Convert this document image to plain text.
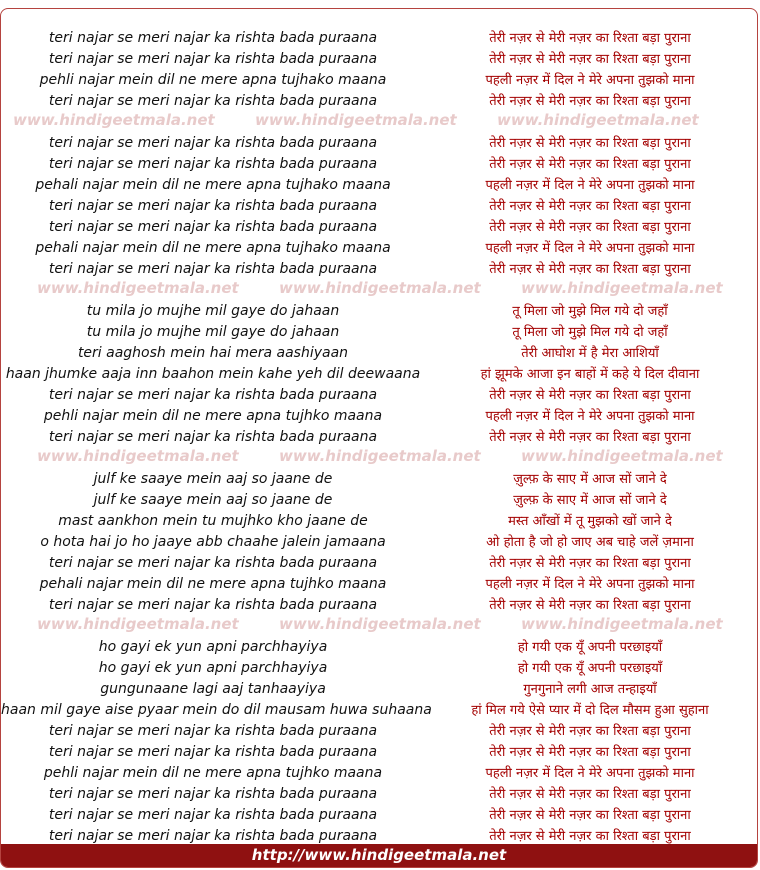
teri najar se meri najar ka rishta bada puraana	तेरी नज़र से मेरी नज़र का रिश्ता बड़ा पुराना
teri najar se meri najar ka rishta bada puraana	तेरी नज़र से मेरी नज़र का रिश्ता बड़ा पुराना
pehli najar mein dil ne mere apna tujhako maana	पहली नज़र में दिल ने मेरे अपना तुझको माना
teri najar se meri najar ka rishta bada puraana	तेरी नज़र से मेरी नज़र का रिश्ता बड़ा पुराना
teri najar se meri najar ka rishta bada puraana	तेरी नज़र से मेरी नज़र का रिश्ता बड़ा पुराना
teri najar se meri najar ka rishta bada puraana	तेरी नज़र से मेरी नज़र का रिश्ता बड़ा पुराना
pehali najar mein dil ne mere apna tujhako maana	पहली नज़र में दिल ने मेरे अपना तुझको माना
teri najar se meri najar ka rishta bada puraana	तेरी नज़र से मेरी नज़र का रिश्ता बड़ा पुराना
teri najar se meri najar ka rishta bada puraana	तेरी नज़र से मेरी नज़र का रिश्ता बड़ा पुराना
pehali najar mein dil ne mere apna tujhako maana	पहली नज़र में दिल ने मेरे अपना तुझको माना
teri najar se meri najar ka rishta bada puraana	तेरी नज़र से मेरी नज़र का रिश्ता बड़ा पुराना
tu mila jo mujhe mil gaye do jahaan	तू मिला जो मुझे मिल गये दो जहाँ
tu mila jo mujhe mil gaye do jahaan	तू मिला जो मुझे मिल गये दो जहाँ
teri aaghosh mein hai mera aashiyaan	तेरी आघोश में है मेरा आशियाँ
haan jhumke aaja inn baahon mein kahe yeh dil deewaana	हां झूमके आजा इन बाहों में कहे ये दिल दीवाना
teri najar se meri najar ka rishta bada puraana	तेरी नज़र से मेरी नज़र का रिश्ता बड़ा पुराना
pehli najar mein dil ne mere apna tujhko maana	पहली नज़र में दिल ने मेरे अपना तुझको माना
teri najar se meri najar ka rishta bada puraana	तेरी नज़र से मेरी नज़र का रिश्ता बड़ा पुराना
julf ke saaye mein aaj so jaane de	ज़ुल्फ़ के साए में आज सों जाने दे
julf ke saaye mein aaj so jaane de	ज़ुल्फ़ के साए में आज सों जाने दे
mast aankhon mein tu mujhko kho jaane de	मस्त आँखों में तू मुझको खों जाने दे
o hota hai jo ho jaaye abb chaahe jalein jamaana	ओ होता है जो हो जाए अब चाहे जलें ज़माना
teri najar se meri najar ka rishta bada puraana	तेरी नज़र से मेरी नज़र का रिश्ता बड़ा पुराना
pehali najar mein dil ne mere apna tujhko maana	पहली नज़र में दिल ने मेरे अपना तुझको माना
teri najar se meri najar ka rishta bada puraana	तेरी नज़र से मेरी नज़र का रिश्ता बड़ा पुराना
ho gayi ek yun apni parchhayiya	हो गयी एक यूँ अपनी परछाइयाँ
ho gayi ek yun apni parchhayiya	हो गयी एक यूँ अपनी परछाइयाँ
gungunaane lagi aaj tanhaayiya	गुनगुनाने लगी आज तन्हाइयाँ
haan mil gaye aise pyaar mein do dil mausam huwa suhaana	हां मिल गये ऐसे प्यार में दो दिल मौसम हुआ सुहाना
teri najar se meri najar ka rishta bada puraana	तेरी नज़र से मेरी नज़र का रिश्ता बड़ा पुराना
teri najar se meri najar ka rishta bada puraana	तेरी नज़र से मेरी नज़र का रिश्ता बड़ा पुराना
pehli najar mein dil ne mere apna tujhko maana	पहली नज़र में दिल ने मेरे अपना तुझको माना
teri najar se meri najar ka rishta bada puraana	तेरी नज़र से मेरी नज़र का रिश्ता बड़ा पुराना
teri najar se meri najar ka rishta bada puraana	तेरी नज़र से मेरी नज़र का रिश्ता बड़ा पुराना
teri najar se meri najar ka rishta bada puraana	तेरी नज़र से मेरी नज़र का रिश्ता बड़ा पुराना
www.hindigeetmala.net	www.hindigeetmala.net	www.hindigeetmala.net
www.hindigeetmala.net	www.hindigeetmala.net	www.hindigeetmala.net
www.hindigeetmala.net	www.hindigeetmala.net	www.hindigeetmala.net
www.hindigeetmala.net	www.hindigeetmala.net	www.hindigeetmala.net
http://www.hindigeetmala.net
